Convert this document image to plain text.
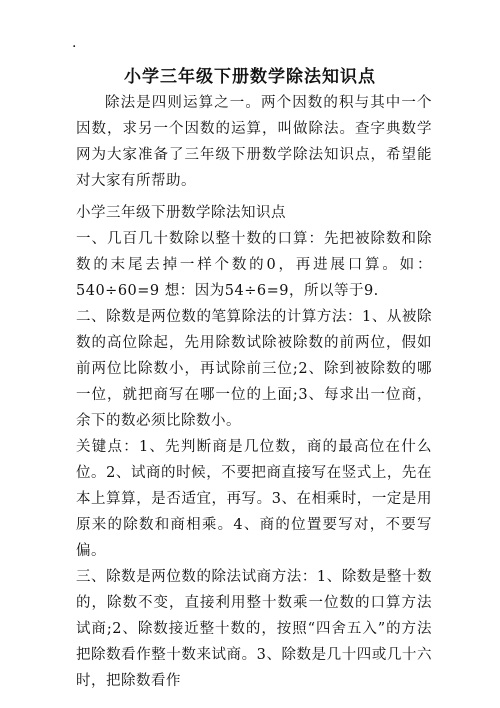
·
小学三年级下册数学除法知识点

除法是四则运算之一。两个因数的积与其中一个因数，求另一个因数的运算，叫做除法。查字典数学网为大家准备了三年级下册数学除法知识点，希望能对大家有所帮助。

小学三年级下册数学除法知识点

一、几百几十数除以整十数的口算：先把被除数和除数的末尾去掉一样个数的0，再进展口算。如：540÷60=9 想：因为54÷6=9，所以等于9.

二、除数是两位数的笔算除法的计算方法：1、从被除数的高位除起，先用除数试除被除数的前两位，假如前两位比除数小，再试除前三位;2、除到被除数的哪一位，就把商写在哪一位的上面;3、每求出一位商，余下的数必须比除数小。

关键点：1、先判断商是几位数，商的最高位在什么位。2、试商的时候，不要把商直接写在竖式上，先在本上算算，是否适宜，再写。3、在相乘时，一定是用原来的除数和商相乘。4、商的位置要写对，不要写偏。

三、除数是两位数的除法试商方法：1、除数是整十数的，除数不变，直接利用整十数乘一位数的口算方法试商;2、除数接近整十数的，按照“四舍五入”的方法把除数看作整十数来试商。3、除数是几十四或几十六时，把除数看作
